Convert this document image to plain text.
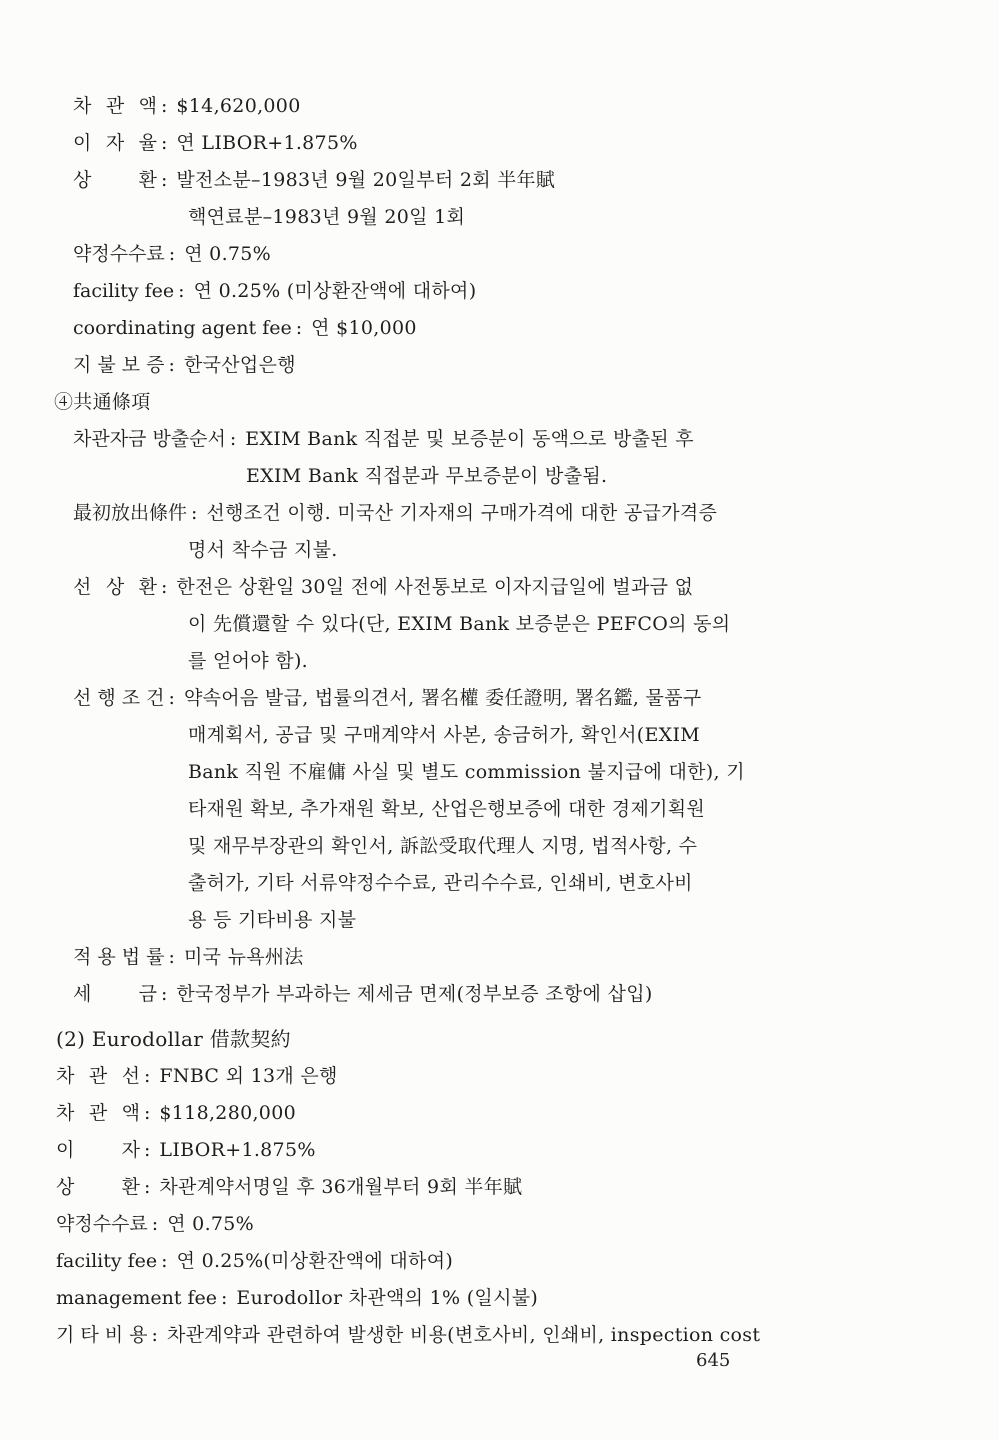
차 관 액 : $14,620,000
이 자 율 : 연 LIBOR+1.875%
상 환 : 발전소분–1983년 9월 20일부터 2회 半年賦
핵연료분–1983년 9월 20일 1회
약정수수료 : 연 0.75%
facility fee : 연 0.25% (미상환잔액에 대하여)
coordinating agent fee : 연 $10,000
지 불 보 증 : 한국산업은행
④共通條項
차관자금 방출순서 : EXIM Bank 직접분 및 보증분이 동액으로 방출된 후
EXIM Bank 직접분과 무보증분이 방출됨.
最初放出條件 : 선행조건 이행. 미국산 기자재의 구매가격에 대한 공급가격증
명서 착수금 지불.
선 상 환 : 한전은 상환일 30일 전에 사전통보로 이자지급일에 벌과금 없
이 先償還할 수 있다(단, EXIM Bank 보증분은 PEFCO의 동의
를 얻어야 함).
선 행 조 건 : 약속어음 발급, 법률의견서, 署名權 委任證明, 署名鑑, 물품구
매계획서, 공급 및 구매계약서 사본, 송금허가, 확인서(EXIM
Bank 직원 不雇傭 사실 및 별도 commission 불지급에 대한), 기
타재원 확보, 추가재원 확보, 산업은행보증에 대한 경제기획원
및 재무부장관의 확인서, 訴訟受取代理人 지명, 법적사항, 수
출허가, 기타 서류약정수수료, 관리수수료, 인쇄비, 변호사비
용 등 기타비용 지불
적 용 법 률 : 미국 뉴욕州法
세 금 : 한국정부가 부과하는 제세금 면제(정부보증 조항에 삽입)
(2) Eurodollar 借款契約
차 관 선 : FNBC 외 13개 은행
차 관 액 : $118,280,000
이 자 : LIBOR+1.875%
상 환 : 차관계약서명일 후 36개월부터 9회 半年賦
약정수수료 : 연 0.75%
facility fee : 연 0.25%(미상환잔액에 대하여)
management fee : Eurodollor 차관액의 1% (일시불)
기 타 비 용 : 차관계약과 관련하여 발생한 비용(변호사비, 인쇄비, inspection cost
645
